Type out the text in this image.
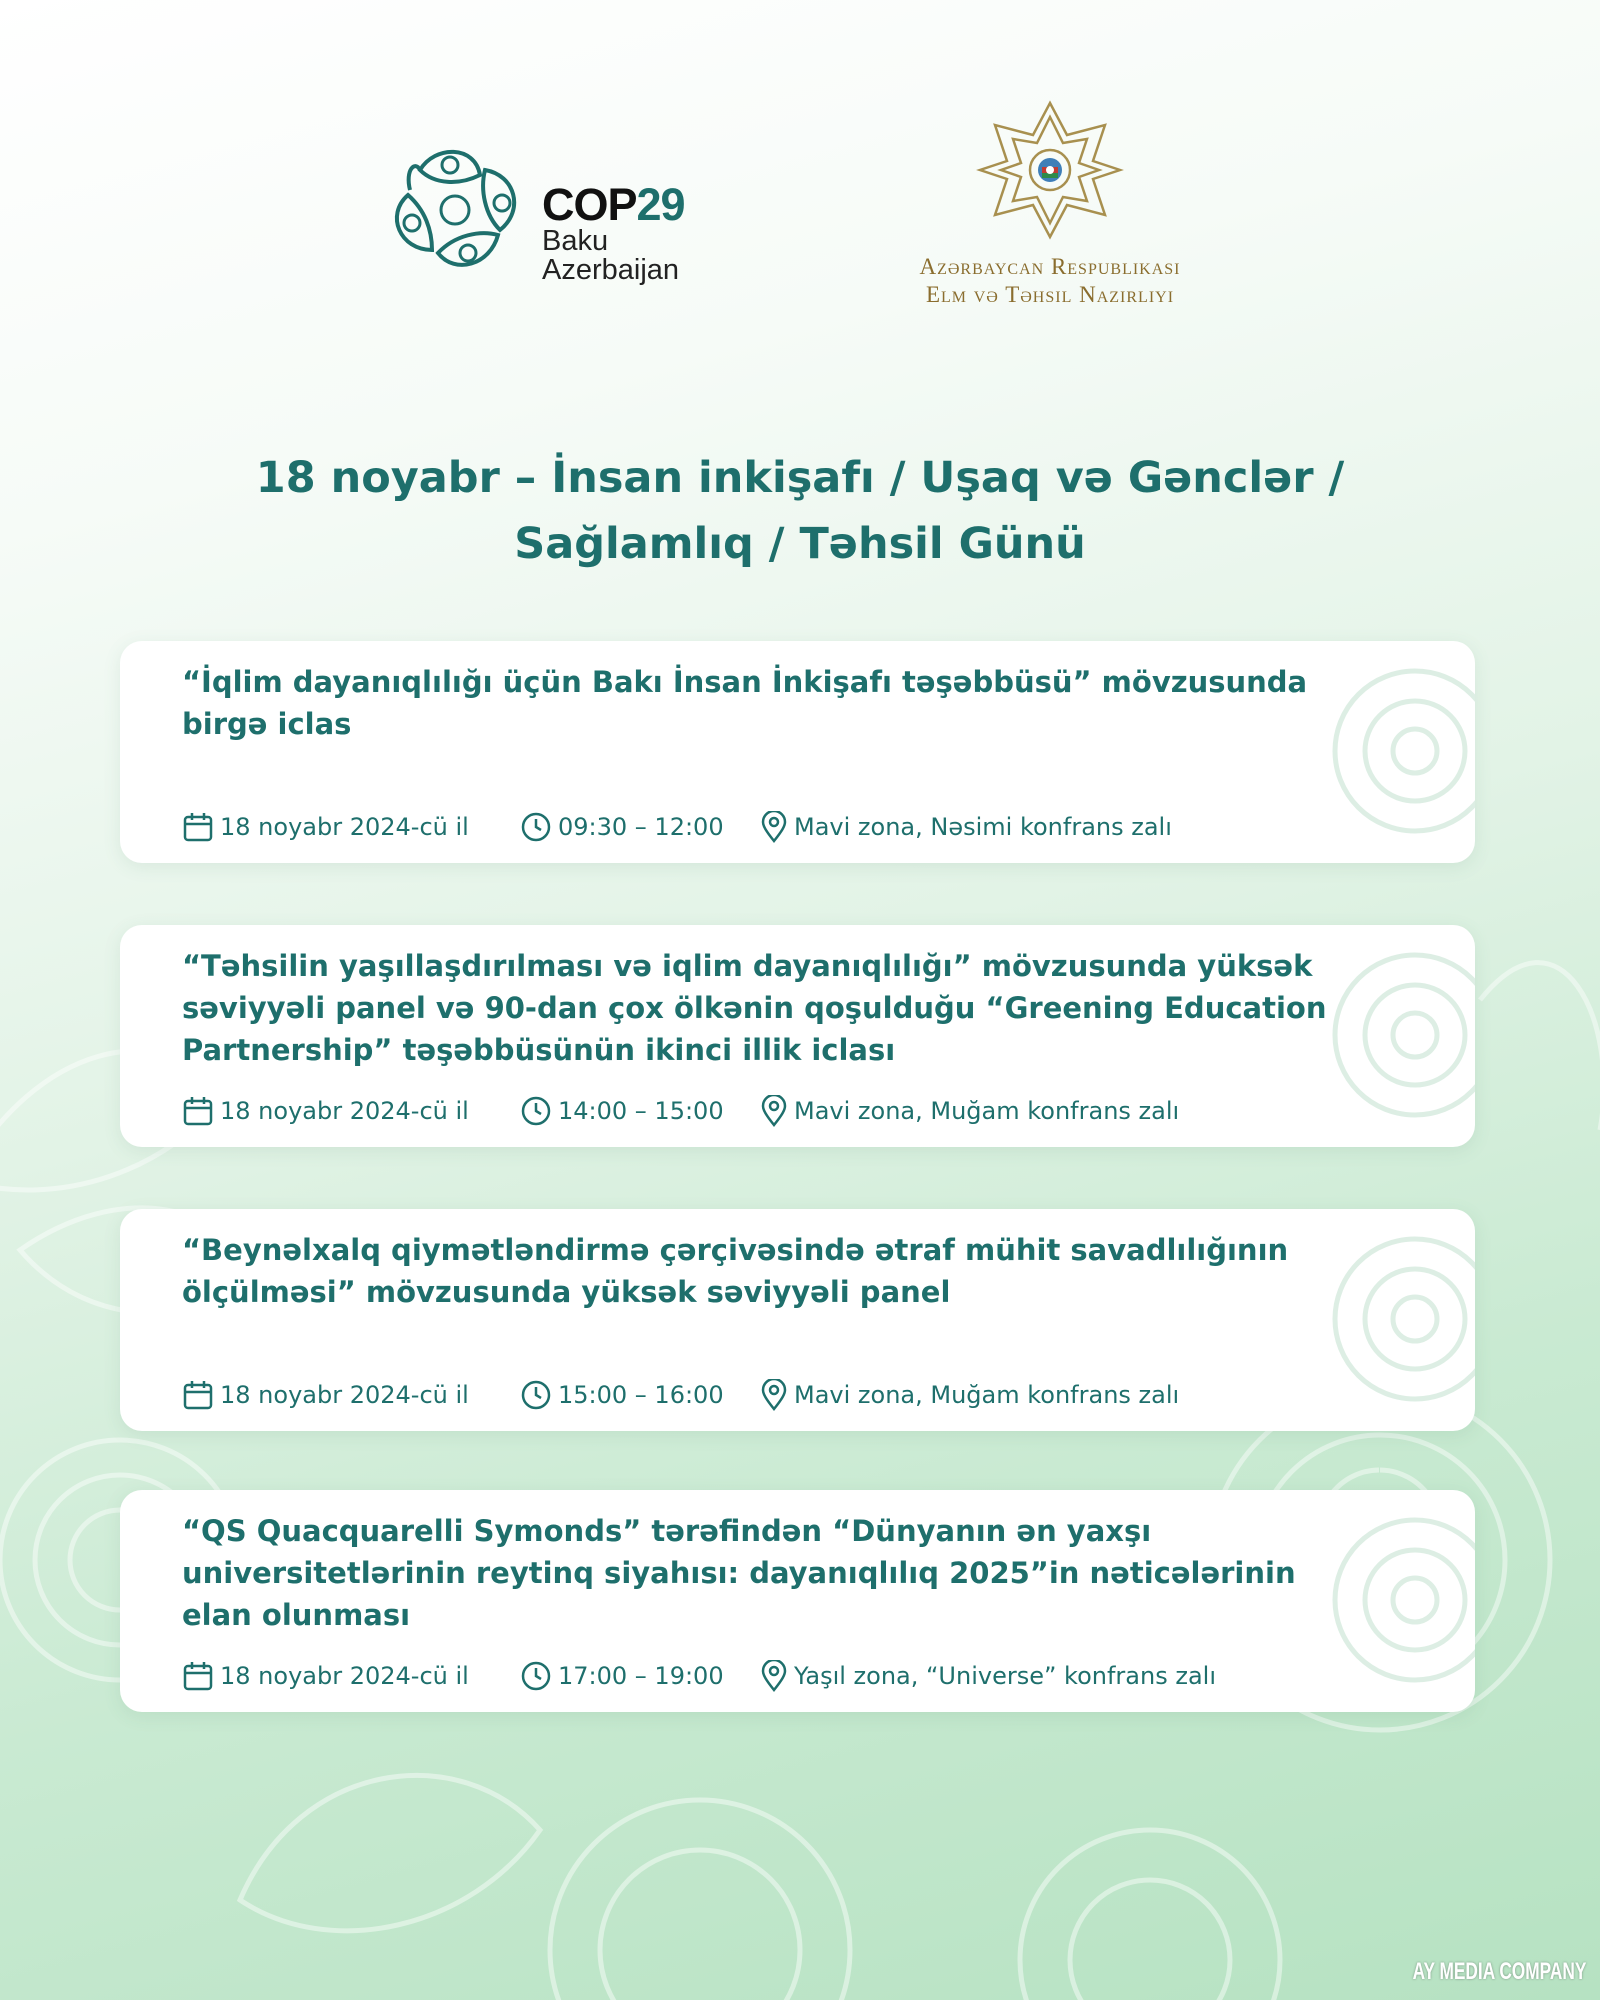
COP29
Baku
Azerbaijan	Azərbaycan Respublikası
Elm və Təhsil Nazirliyi
18 noyabr – İnsan inkişafı / Uşaq və Gənclər /
Sağlamlıq / Təhsil Günü
“İqlim dayanıqlılığı üçün Bakı İnsan İnkişafı təşəbbüsü” mövzusunda
birgə iclas
18 noyabr 2024-cü il	09:30 – 12:00	Mavi zona, Nəsimi konfrans zalı
“Təhsilin yaşıllaşdırılması və iqlim dayanıqlılığı” mövzusunda yüksək
səviyyəli panel və 90-dan çox ölkənin qoşulduğu “Greening Education
Partnership” təşəbbüsünün ikinci illik iclası
18 noyabr 2024-cü il	14:00 – 15:00	Mavi zona, Muğam konfrans zalı
“Beynəlxalq qiymətləndirmə çərçivəsində ətraf mühit savadlılığının
ölçülməsi” mövzusunda yüksək səviyyəli panel
18 noyabr 2024-cü il	15:00 – 16:00	Mavi zona, Muğam konfrans zalı
“QS Quacquarelli Symonds” tərəfindən “Dünyanın ən yaxşı
universitetlərinin reytinq siyahısı: dayanıqlılıq 2025”in nəticələrinin
elan olunması
18 noyabr 2024-cü il	17:00 – 19:00	Yaşıl zona, “Universe” konfrans zalı
AY MEDIA COMPANY
